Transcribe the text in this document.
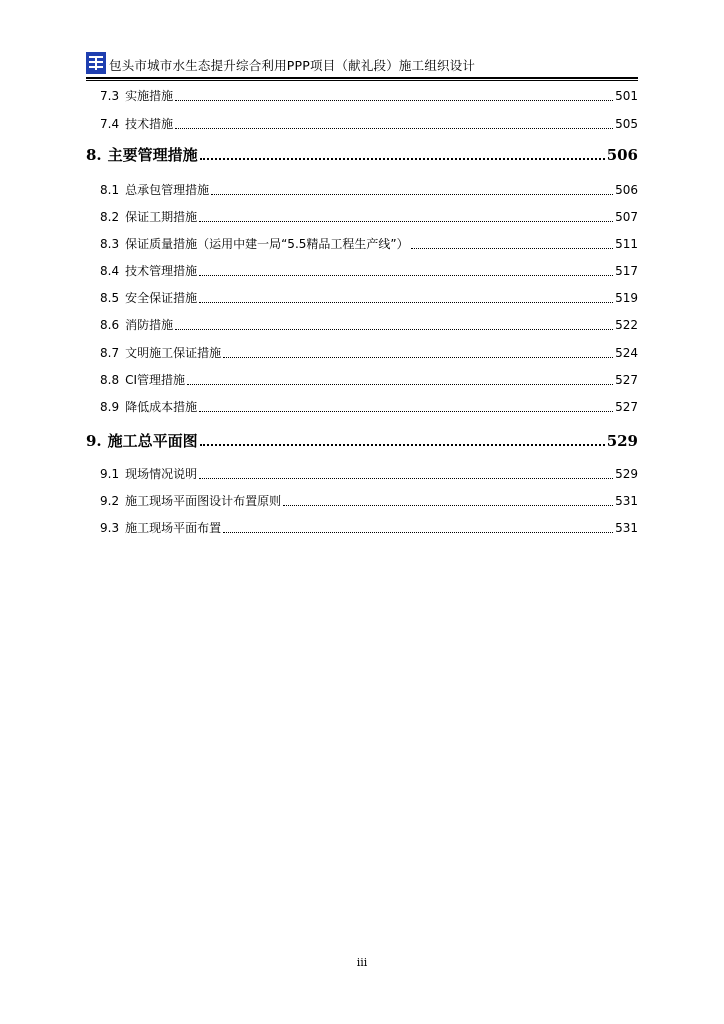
包头市城市水生态提升综合利用PPP项目（献礼段）施工组织设计
7.3 实施措施	501
7.4 技术措施	505
8. 主要管理措施	506
8.1 总承包管理措施	506
8.2 保证工期措施	507
8.3 保证质量措施（运用中建一局“5.5精品工程生产线”）	511
8.4 技术管理措施	517
8.5 安全保证措施	519
8.6 消防措施	522
8.7 文明施工保证措施	524
8.8 CI管理措施	527
8.9 降低成本措施	527
9. 施工总平面图	529
9.1 现场情况说明	529
9.2 施工现场平面图设计布置原则	531
9.3 施工现场平面布置	531
iii
